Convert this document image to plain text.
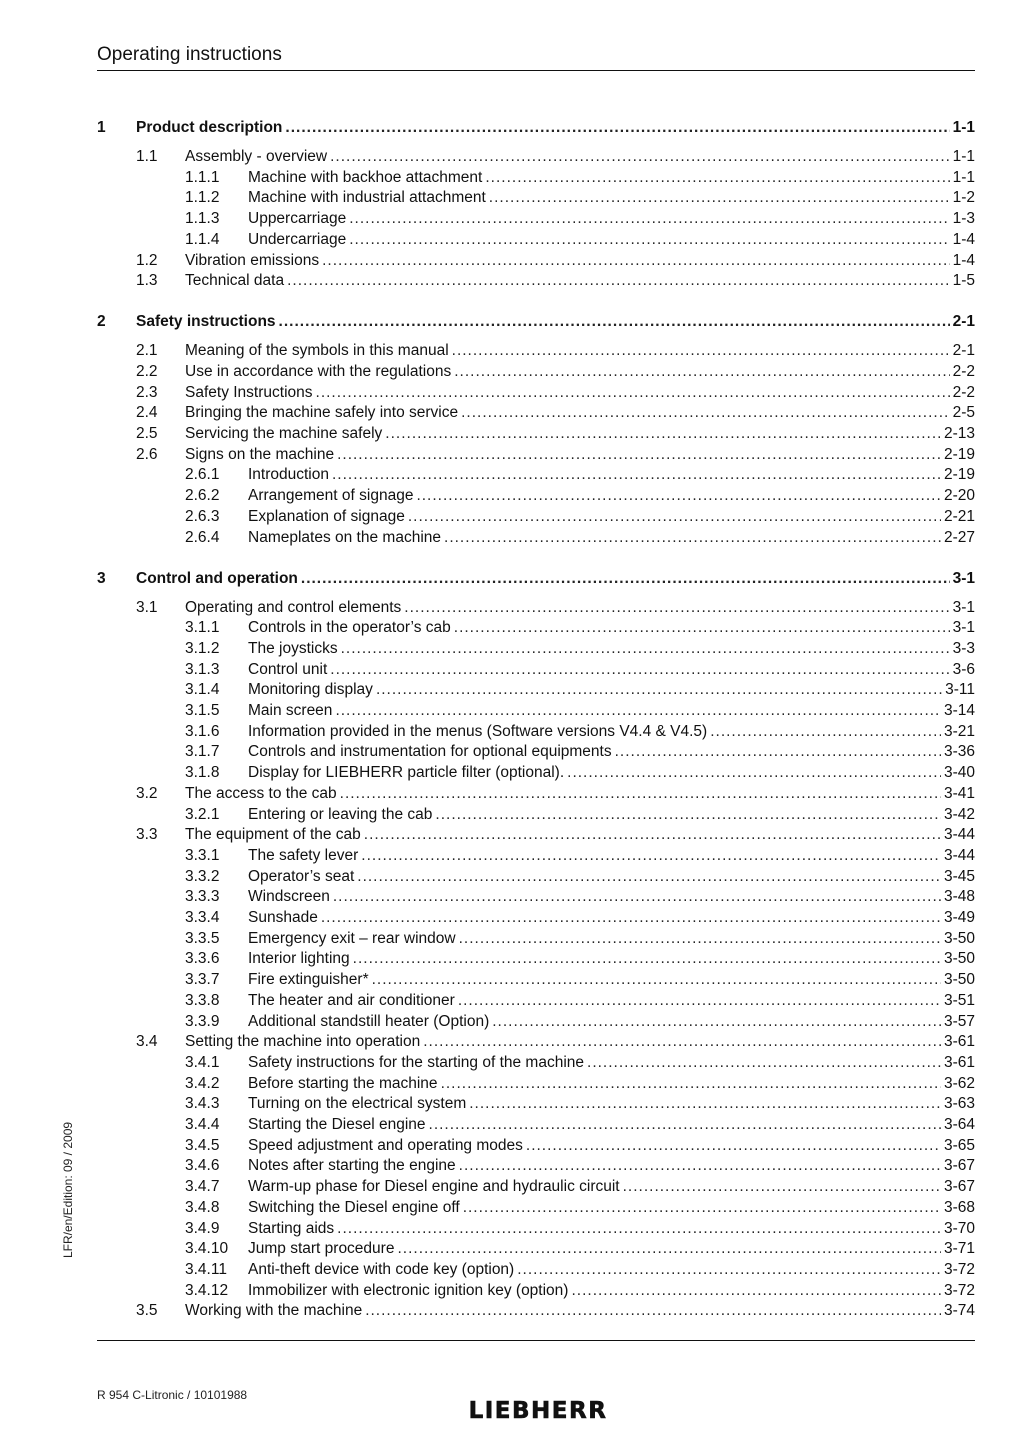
Operating instructions
1 Product description .....	1-1
1.1 Assembly - overview .....	1-1
1.1.1 Machine with backhoe attachment .....	1-1
1.1.2 Machine with industrial attachment .....	1-2
1.1.3 Uppercarriage .....	1-3
1.1.4 Undercarriage .....	1-4
1.2 Vibration emissions .....	1-4
1.3 Technical data .....	1-5
2 Safety instructions .....	2-1
2.1 Meaning of the symbols in this manual .....	2-1
2.2 Use in accordance with the regulations .....	2-2
2.3 Safety Instructions .....	2-2
2.4 Bringing the machine safely into service .....	2-5
2.5 Servicing the machine safely .....	2-13
2.6 Signs on the machine .....	2-19
2.6.1 Introduction .....	2-19
2.6.2 Arrangement of signage .....	2-20
2.6.3 Explanation of signage .....	2-21
2.6.4 Nameplates on the machine .....	2-27
3 Control and operation .....	3-1
3.1 Operating and control elements .....	3-1
3.1.1 Controls in the operator’s cab .....	3-1
3.1.2 The joysticks .....	3-3
3.1.3 Control unit .....	3-6
3.1.4 Monitoring display .....	3-11
3.1.5 Main screen .....	3-14
3.1.6 Information provided in the menus (Software versions V4.4 & V4.5) .....	3-21
3.1.7 Controls and instrumentation for optional equipments .....	3-36
3.1.8 Display for LIEBHERR particle filter (optional). .....	3-40
3.2 The access to the cab .....	3-41
3.2.1 Entering or leaving the cab .....	3-42
3.3 The equipment of the cab .....	3-44
3.3.1 The safety lever .....	3-44
3.3.2 Operator’s seat .....	3-45
3.3.3 Windscreen .....	3-48
3.3.4 Sunshade .....	3-49
3.3.5 Emergency exit – rear window .....	3-50
3.3.6 Interior lighting .....	3-50
3.3.7 Fire extinguisher* .....	3-50
3.3.8 The heater and air conditioner .....	3-51
3.3.9 Additional standstill heater (Option) .....	3-57
3.4 Setting the machine into operation .....	3-61
3.4.1 Safety instructions for the starting of the machine .....	3-61
3.4.2 Before starting the machine .....	3-62
3.4.3 Turning on the electrical system .....	3-63
3.4.4 Starting the Diesel engine .....	3-64
3.4.5 Speed adjustment and operating modes .....	3-65
3.4.6 Notes after starting the engine .....	3-67
3.4.7 Warm-up phase for Diesel engine and hydraulic circuit .....	3-67
3.4.8 Switching the Diesel engine off .....	3-68
3.4.9 Starting aids .....	3-70
3.4.10 Jump start procedure .....	3-71
3.4.11 Anti-theft device with code key (option) .....	3-72
3.4.12 Immobilizer with electronic ignition key (option) .....	3-72
3.5 Working with the machine .....	3-74
LFR/en/Edition: 09 / 2009
R 954 C-Litronic / 10101988
LIEBHERR
